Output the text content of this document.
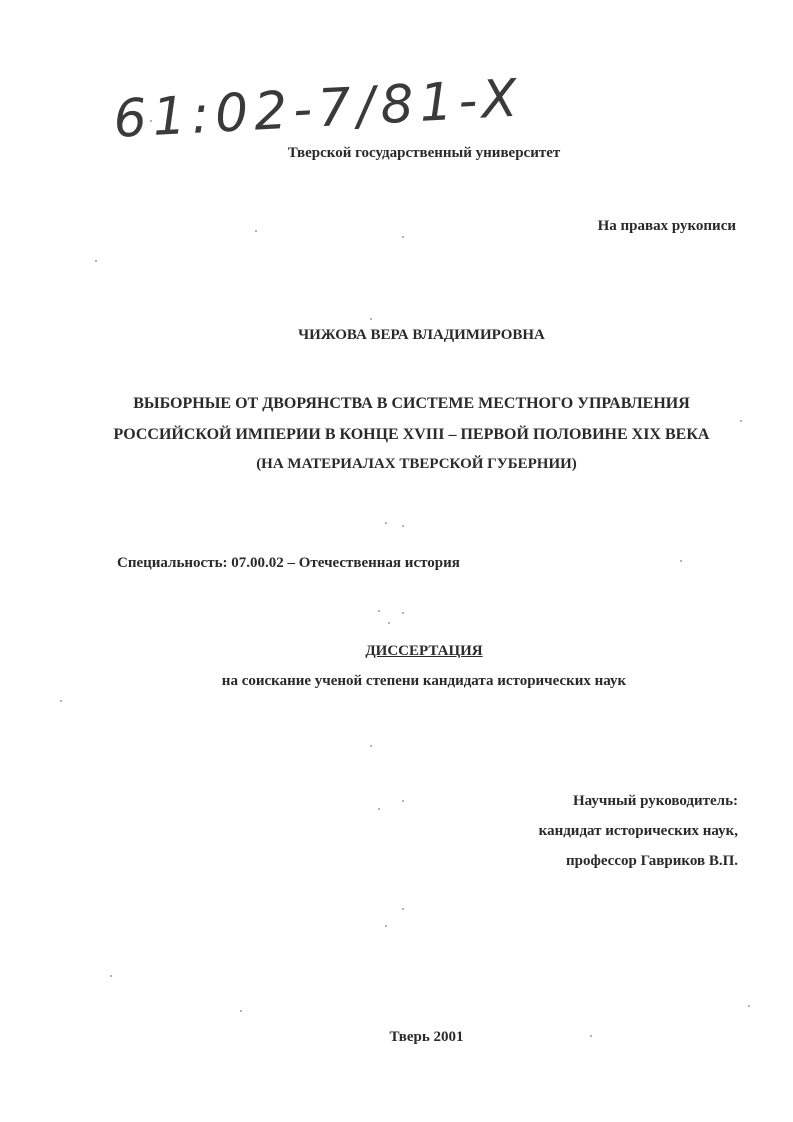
61:02-7/81-X
Тверской государственный университет
На правах рукописи
ЧИЖОВА ВЕРА ВЛАДИМИРОВНА
ВЫБОРНЫЕ ОТ ДВОРЯНСТВА В СИСТЕМЕ МЕСТНОГО УПРАВЛЕНИЯ
РОССИЙСКОЙ ИМПЕРИИ В КОНЦЕ XVIII – ПЕРВОЙ ПОЛОВИНЕ XIX ВЕКА
(НА МАТЕРИАЛАХ ТВЕРСКОЙ ГУБЕРНИИ)
Специальность: 07.00.02 – Отечественная история
ДИССЕРТАЦИЯ
на соискание ученой степени кандидата исторических наук
Научный руководитель:
кандидат исторических наук,
профессор Гавриков В.П.
Тверь 2001
